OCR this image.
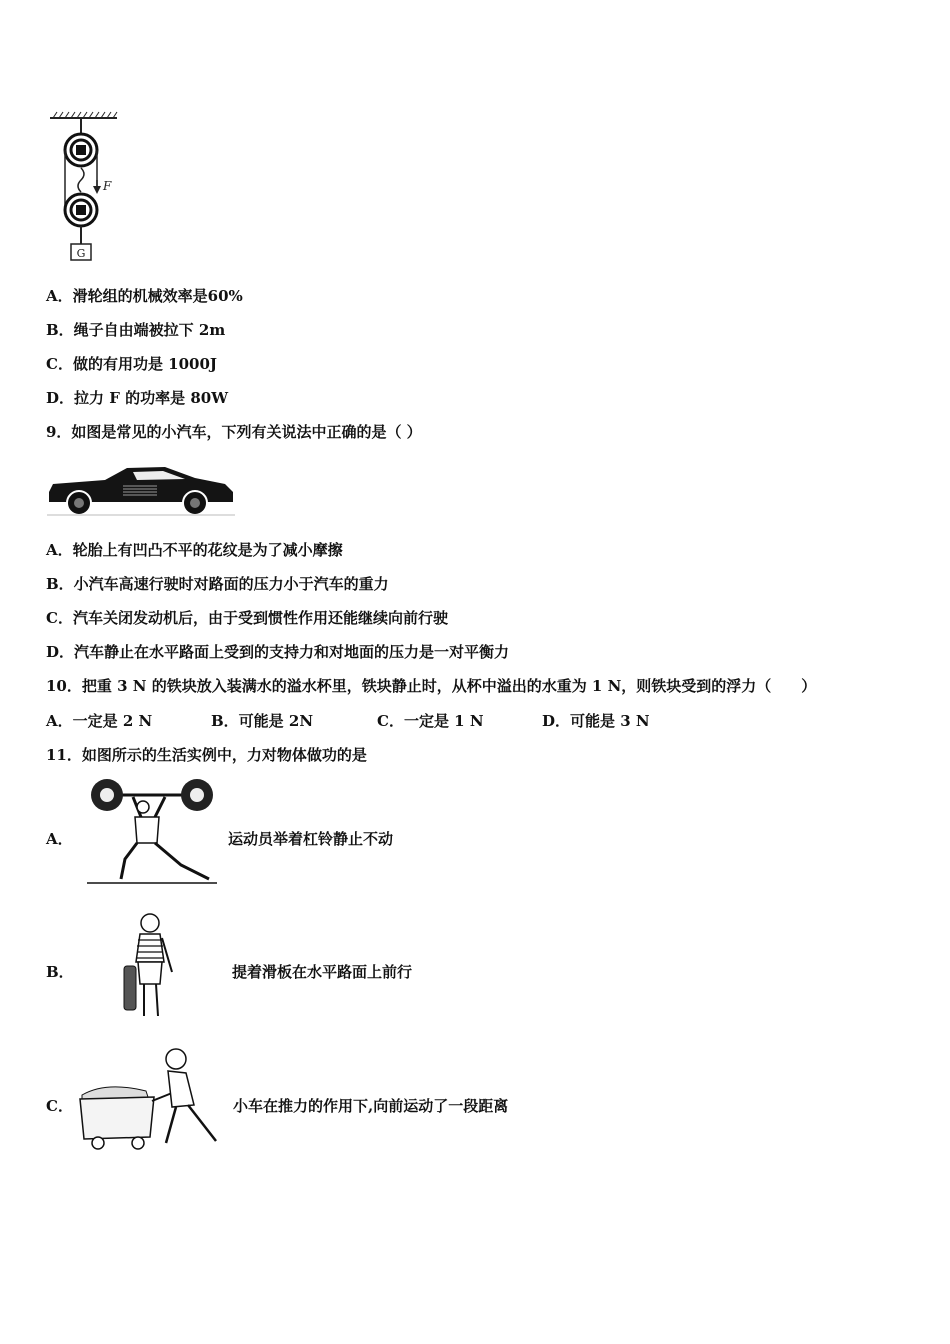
F
G
A．滑轮组的机械效率是60%
B．绳子自由端被拉下 2m
C．做的有用功是 1000J
D．拉力 F 的功率是 80W
9．如图是常见的小汽车，下列有关说法中正确的是（ ）
A．轮胎上有凹凸不平的花纹是为了减小摩擦
B．小汽车高速行驶时对路面的压力小于汽车的重力
C．汽车关闭发动机后，由于受到惯性作用还能继续向前行驶
D．汽车静止在水平路面上受到的支持力和对地面的压力是一对平衡力
10．把重 3 N 的铁块放入装满水的溢水杯里，铁块静止时，从杯中溢出的水重为 1 N，则铁块受到的浮力（　　）
A．一定是 2 N	B．可能是 2N	C．一定是 1 N	D．可能是 3 N
11．如图所示的生活实例中，力对物体做功的是
A．	运动员举着杠铃静止不动
B．	提着滑板在水平路面上前行
C．	小车在推力的作用下,向前运动了一段距离
